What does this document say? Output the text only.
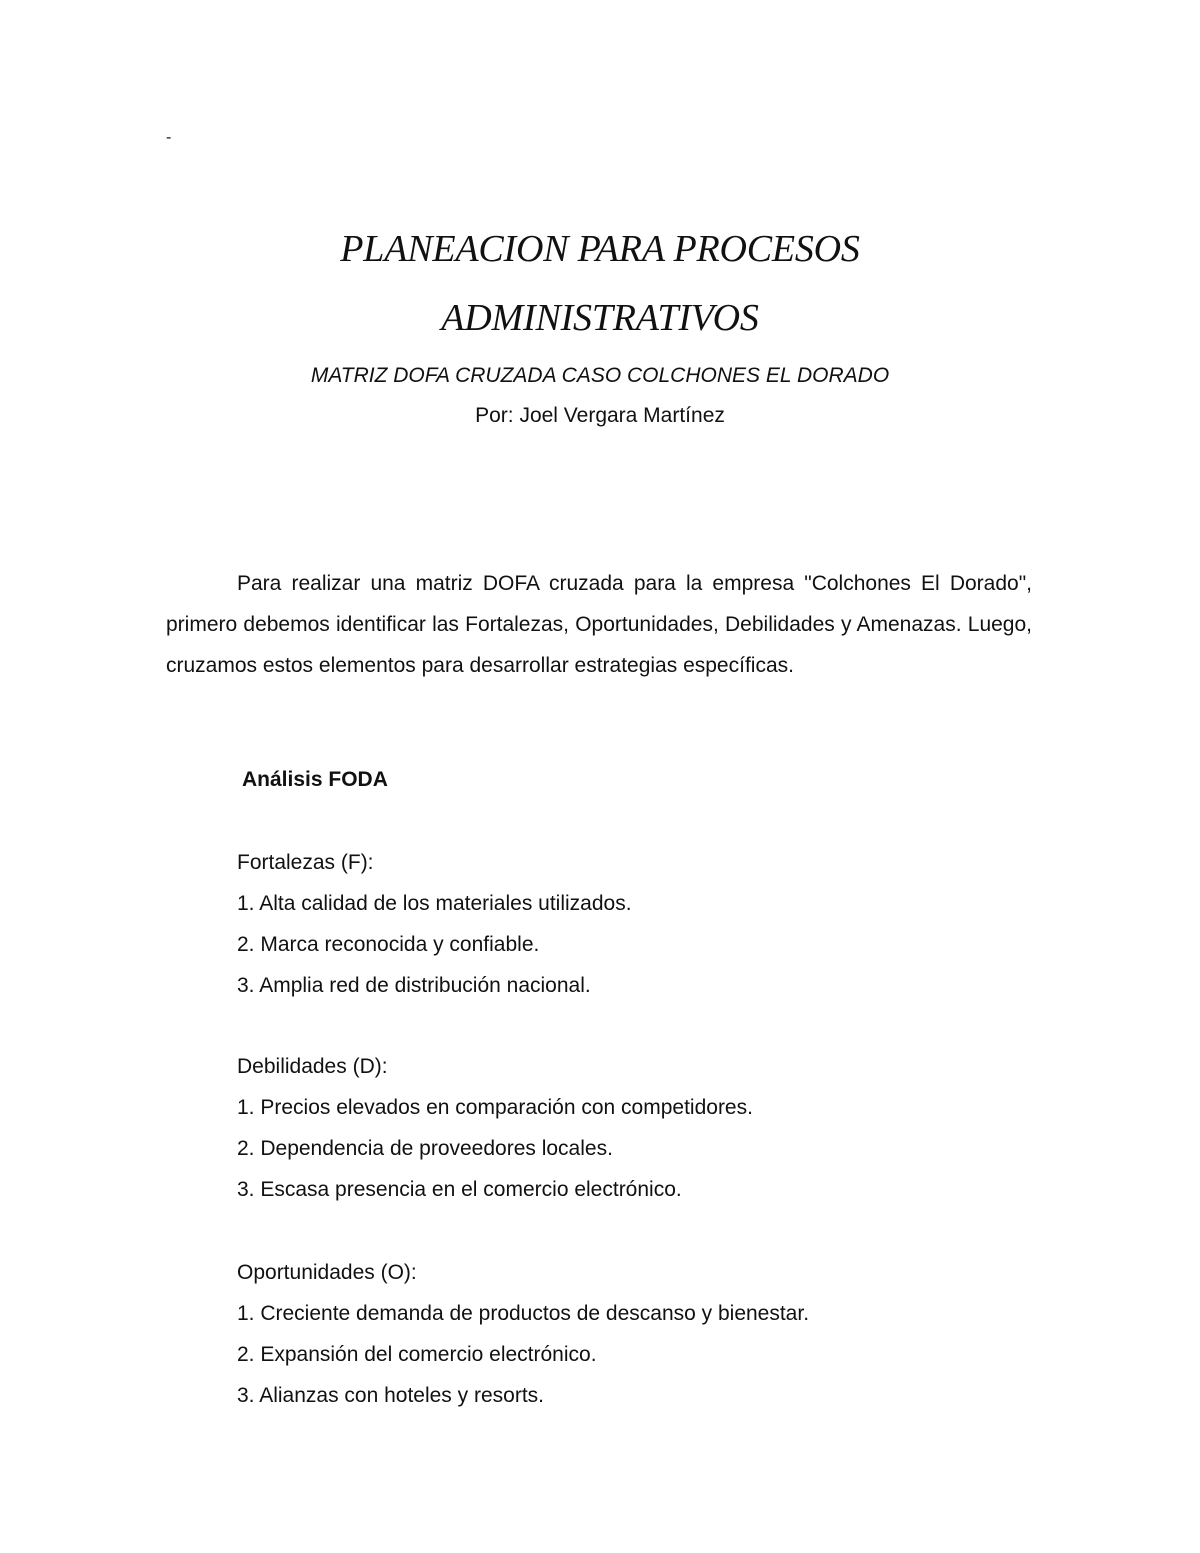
-
PLANEACION PARA PROCESOS
ADMINISTRATIVOS
MATRIZ DOFA CRUZADA CASO COLCHONES EL DORADO
Por: Joel Vergara Martínez

Para realizar una matriz DOFA cruzada para la empresa "Colchones El Dorado", primero debemos identificar las Fortalezas, Oportunidades, Debilidades y Amenazas. Luego, cruzamos estos elementos para desarrollar estrategias específicas.

Análisis FODA
Fortalezas (F):
1. Alta calidad de los materiales utilizados.
2. Marca reconocida y confiable.
3. Amplia red de distribución nacional.
Debilidades (D):
1. Precios elevados en comparación con competidores.
2. Dependencia de proveedores locales.
3. Escasa presencia en el comercio electrónico.
Oportunidades (O):
1. Creciente demanda de productos de descanso y bienestar.
2. Expansión del comercio electrónico.
3. Alianzas con hoteles y resorts.
